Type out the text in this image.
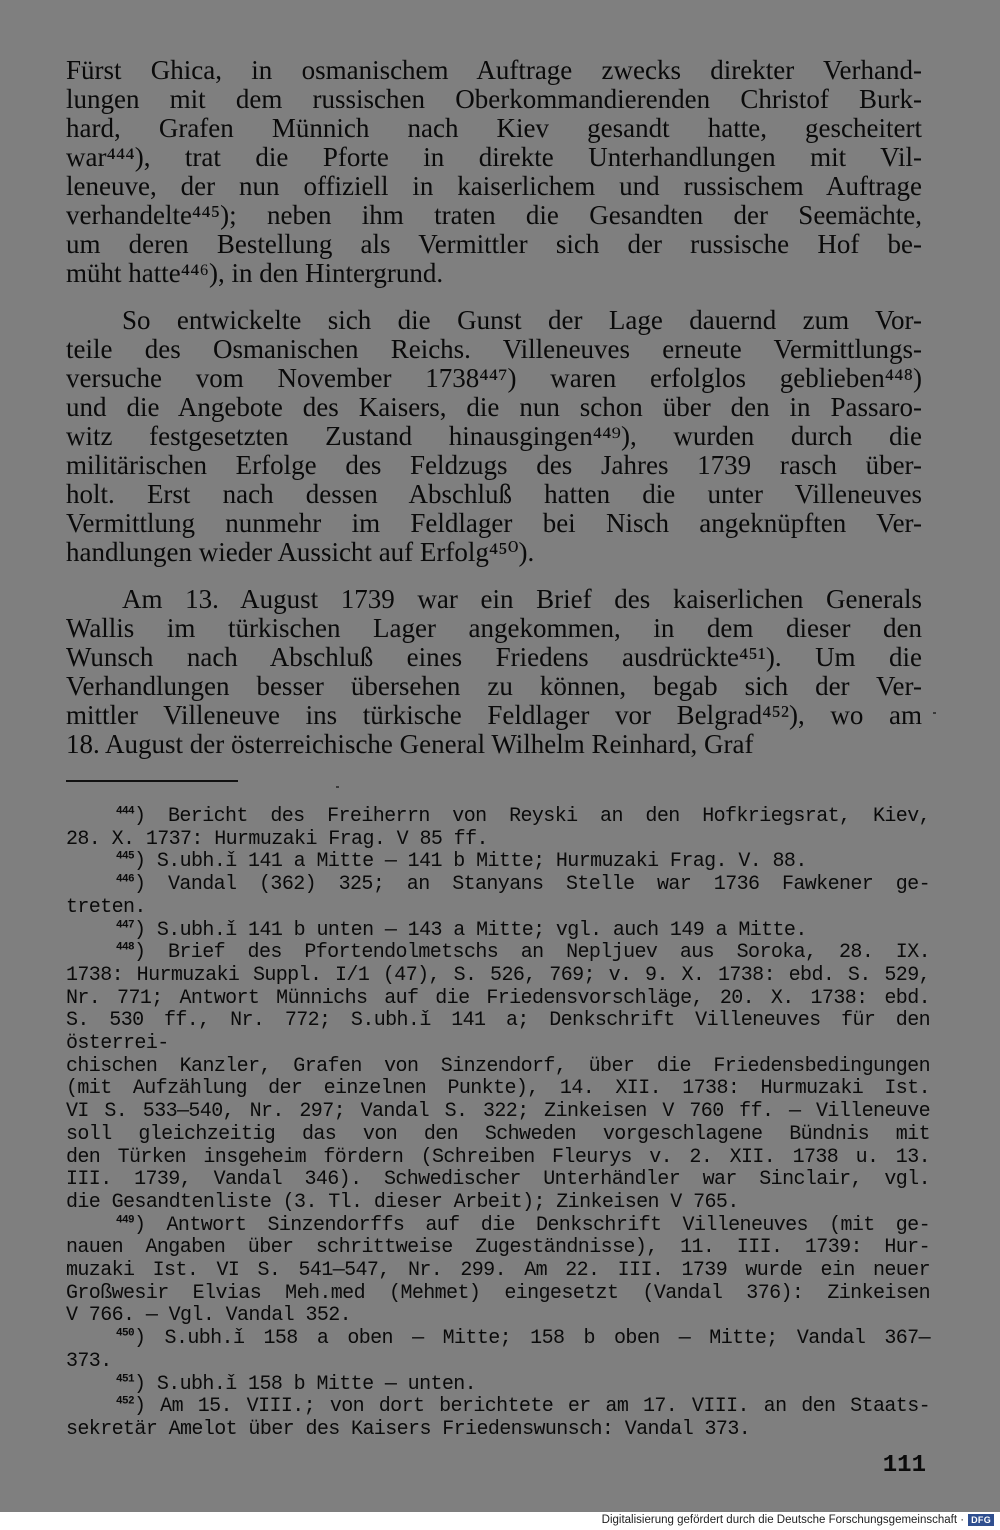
Fürst Ghica, in osmanischem Auftrage zwecks direkter Verhand-
lungen mit dem russischen Oberkommandierenden Christof Burk-
hard, Grafen Münnich nach Kiev gesandt hatte, gescheitert
war⁴⁴⁴), trat die Pforte in direkte Unterhandlungen mit Vil-
leneuve, der nun offiziell in kaiserlichem und russischem Auftrage
verhandelte⁴⁴⁵); neben ihm traten die Gesandten der Seemächte,
um deren Bestellung als Vermittler sich der russische Hof be-
müht hatte⁴⁴⁶), in den Hintergrund.
So entwickelte sich die Gunst der Lage dauernd zum Vor-
teile des Osmanischen Reichs. Villeneuves erneute Vermittlungs-
versuche vom November 1738⁴⁴⁷) waren erfolglos geblieben⁴⁴⁸)
und die Angebote des Kaisers, die nun schon über den in Passaro-
witz festgesetzten Zustand hinausgingen⁴⁴⁹), wurden durch die
militärischen Erfolge des Feldzugs des Jahres 1739 rasch über-
holt. Erst nach dessen Abschluß hatten die unter Villeneuves
Vermittlung nunmehr im Feldlager bei Nisch angeknüpften Ver-
handlungen wieder Aussicht auf Erfolg⁴⁵⁰).
Am 13. August 1739 war ein Brief des kaiserlichen Generals
Wallis im türkischen Lager angekommen, in dem dieser den
Wunsch nach Abschluß eines Friedens ausdrückte⁴⁵¹). Um die
Verhandlungen besser übersehen zu können, begab sich der Ver-
mittler Villeneuve ins türkische Feldlager vor Belgrad⁴⁵²), wo am
18. August der österreichische General Wilhelm Reinhard, Graf
$^{444}$) Bericht des Freiherrn von Reyski an den Hofkriegsrat, Kiev,
28. X. 1737: Hurmuzaki Frag. V 85 ff.
$^{445}$) S.ubh.ǐ 141 a Mitte — 141 b Mitte; Hurmuzaki Frag. V. 88.
$^{446}$) Vandal (362) 325; an Stanyans Stelle war 1736 Fawkener ge-
treten.
$^{447}$) S.ubh.ǐ 141 b unten — 143 a Mitte; vgl. auch 149 a Mitte.
$^{448}$) Brief des Pfortendolmetschs an Nepljuev aus Soroka, 28. IX.
1738: Hurmuzaki Suppl. I/1 (47), S. 526, 769; v. 9. X. 1738: ebd. S. 529,
Nr. 771; Antwort Münnichs auf die Friedensvorschläge, 20. X. 1738: ebd.
S. 530 ff., Nr. 772; S.ubh.ǐ 141 a; Denkschrift Villeneuves für den österrei-
chischen Kanzler, Grafen von Sinzendorf, über die Friedensbedingungen
(mit Aufzählung der einzelnen Punkte), 14. XII. 1738: Hurmuzaki Ist.
VI S. 533—540, Nr. 297; Vandal S. 322; Zinkeisen V 760 ff. — Villeneuve
soll gleichzeitig das von den Schweden vorgeschlagene Bündnis mit
den Türken insgeheim fördern (Schreiben Fleurys v. 2. XII. 1738 u. 13.
III. 1739, Vandal 346). Schwedischer Unterhändler war Sinclair, vgl.
die Gesandtenliste (3. Tl. dieser Arbeit); Zinkeisen V 765.
$^{449}$) Antwort Sinzendorffs auf die Denkschrift Villeneuves (mit ge-
nauen Angaben über schrittweise Zugeständnisse), 11. III. 1739: Hur-
muzaki Ist. VI S. 541—547, Nr. 299. Am 22. III. 1739 wurde ein neuer
Großwesir Elvias Meh.med (Mehmet) eingesetzt (Vandal 376): Zinkeisen
V 766. — Vgl. Vandal 352.
$^{450}$) S.ubh.ǐ 158 a oben — Mitte; 158 b oben — Mitte; Vandal 367—
373.
$^{451}$) S.ubh.ǐ 158 b Mitte — unten.
$^{452}$) Am 15. VIII.; von dort berichtete er am 17. VIII. an den Staats-
sekretär Amelot über des Kaisers Friedenswunsch: Vandal 373.
111
Digitalisierung gefördert durch die Deutsche Forschungsgemeinschaft · DFG
